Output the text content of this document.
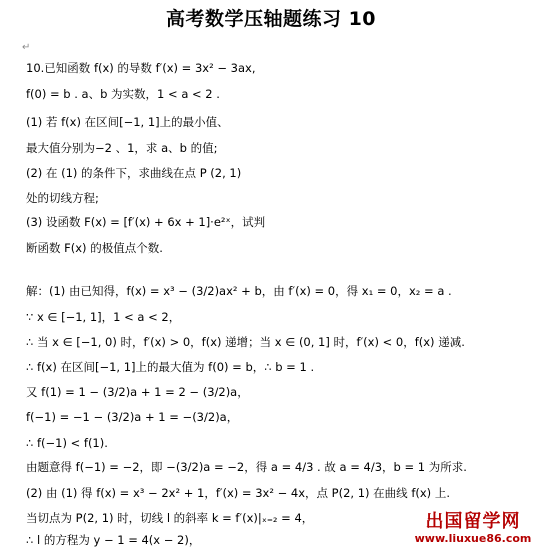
高考数学压轴题练习 10
↵
10.已知函数 f(x) 的导数 f′(x) = 3x² − 3ax,
f(0) = b . a、b 为实数，1 < a < 2 .
(1) 若 f(x) 在区间[−1, 1]上的最小值、
最大值分别为−2 、1，求 a、b 的值;
(2) 在 (1) 的条件下，求曲线在点 P (2, 1)
处的切线方程;
(3) 设函数 F(x) = [f′(x) + 6x + 1]·e²ˣ，试判
断函数 F(x) 的极值点个数.
解：(1) 由已知得，f(x) = x³ − (3/2)ax² + b，由 f′(x) = 0，得 x₁ = 0，x₂ = a .
∵ x ∈ [−1, 1]，1 < a < 2，
∴ 当 x ∈ [−1, 0) 时，f′(x) > 0，f(x) 递增；当 x ∈ (0, 1] 时，f′(x) < 0，f(x) 递减.
∴ f(x) 在区间[−1, 1]上的最大值为 f(0) = b，∴ b = 1 .
又 f(1) = 1 − (3/2)a + 1 = 2 − (3/2)a，
f(−1) = −1 − (3/2)a + 1 = −(3/2)a，
∴ f(−1) < f(1).
由题意得 f(−1) = −2，即 −(3/2)a = −2，得 a = 4/3 . 故 a = 4/3，b = 1 为所求.
(2) 由 (1) 得 f(x) = x³ − 2x² + 1，f′(x) = 3x² − 4x，点 P(2, 1) 在曲线 f(x) 上.
当切点为 P(2, 1) 时，切线 l 的斜率 k = f′(x)|ₓ₌₂ = 4，
∴ l 的方程为 y − 1 = 4(x − 2)，
出国留学网
www.liuxue86.com
